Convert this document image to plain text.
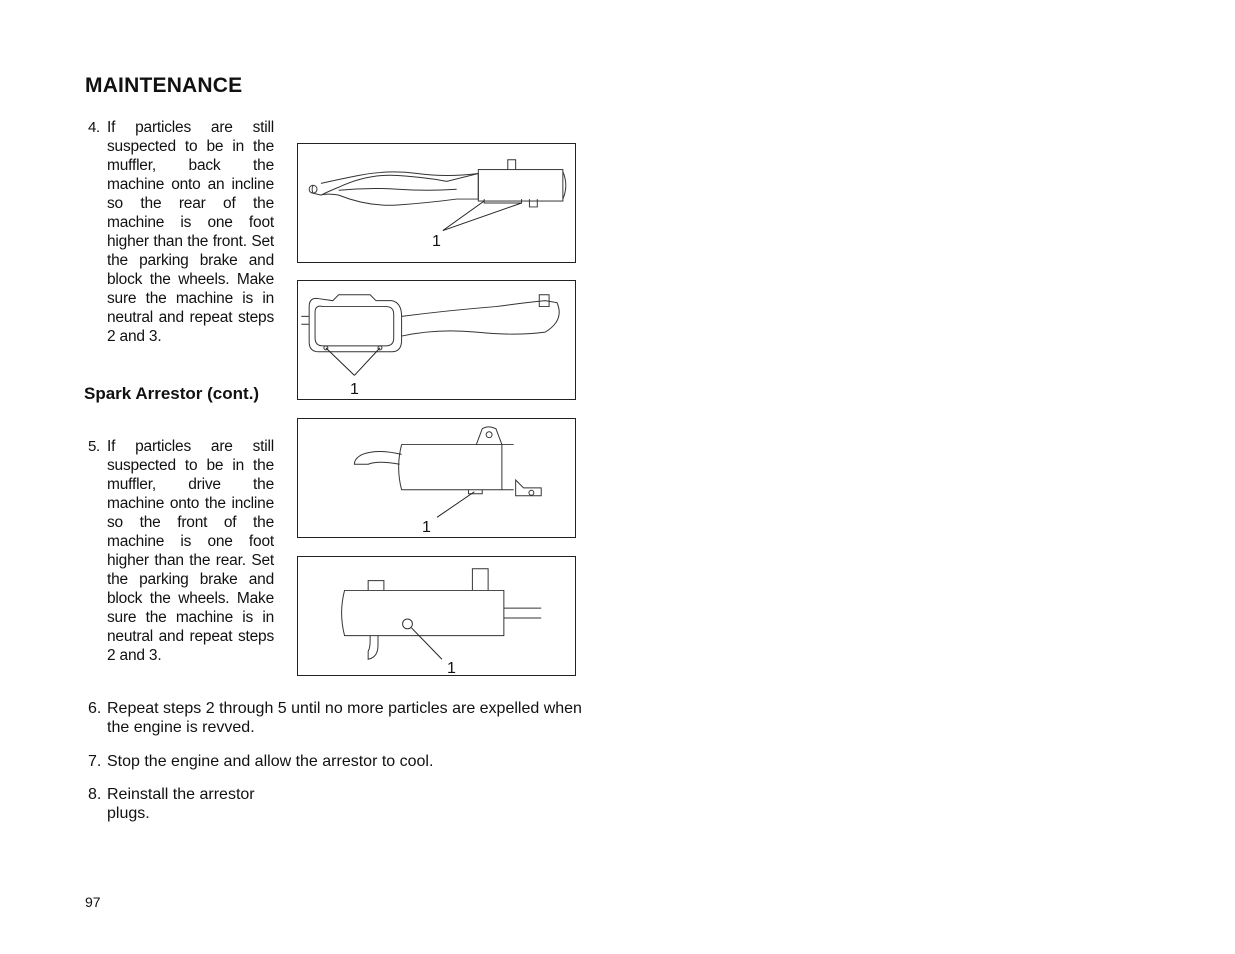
MAINTENANCE
4. If particles are still suspected to be in the muffler, back the machine onto an incline so the rear of the machine is one foot higher than the front. Set the parking brake and block the wheels. Make sure the machine is in neutral and repeat steps 2 and 3.
Spark Arrestor (cont.)
5. If particles are still suspected to be in the muffler, drive the machine onto the incline so the front of the machine is one foot higher than the rear. Set the parking brake and block the wheels. Make sure the machine is in neutral and repeat steps 2 and 3.
6. Repeat steps 2 through 5 until no more particles are expelled when the engine is revved.
7. Stop the engine and allow the arrestor to cool.
8. Reinstall the arrestor plugs.
1
1
1
1
97
